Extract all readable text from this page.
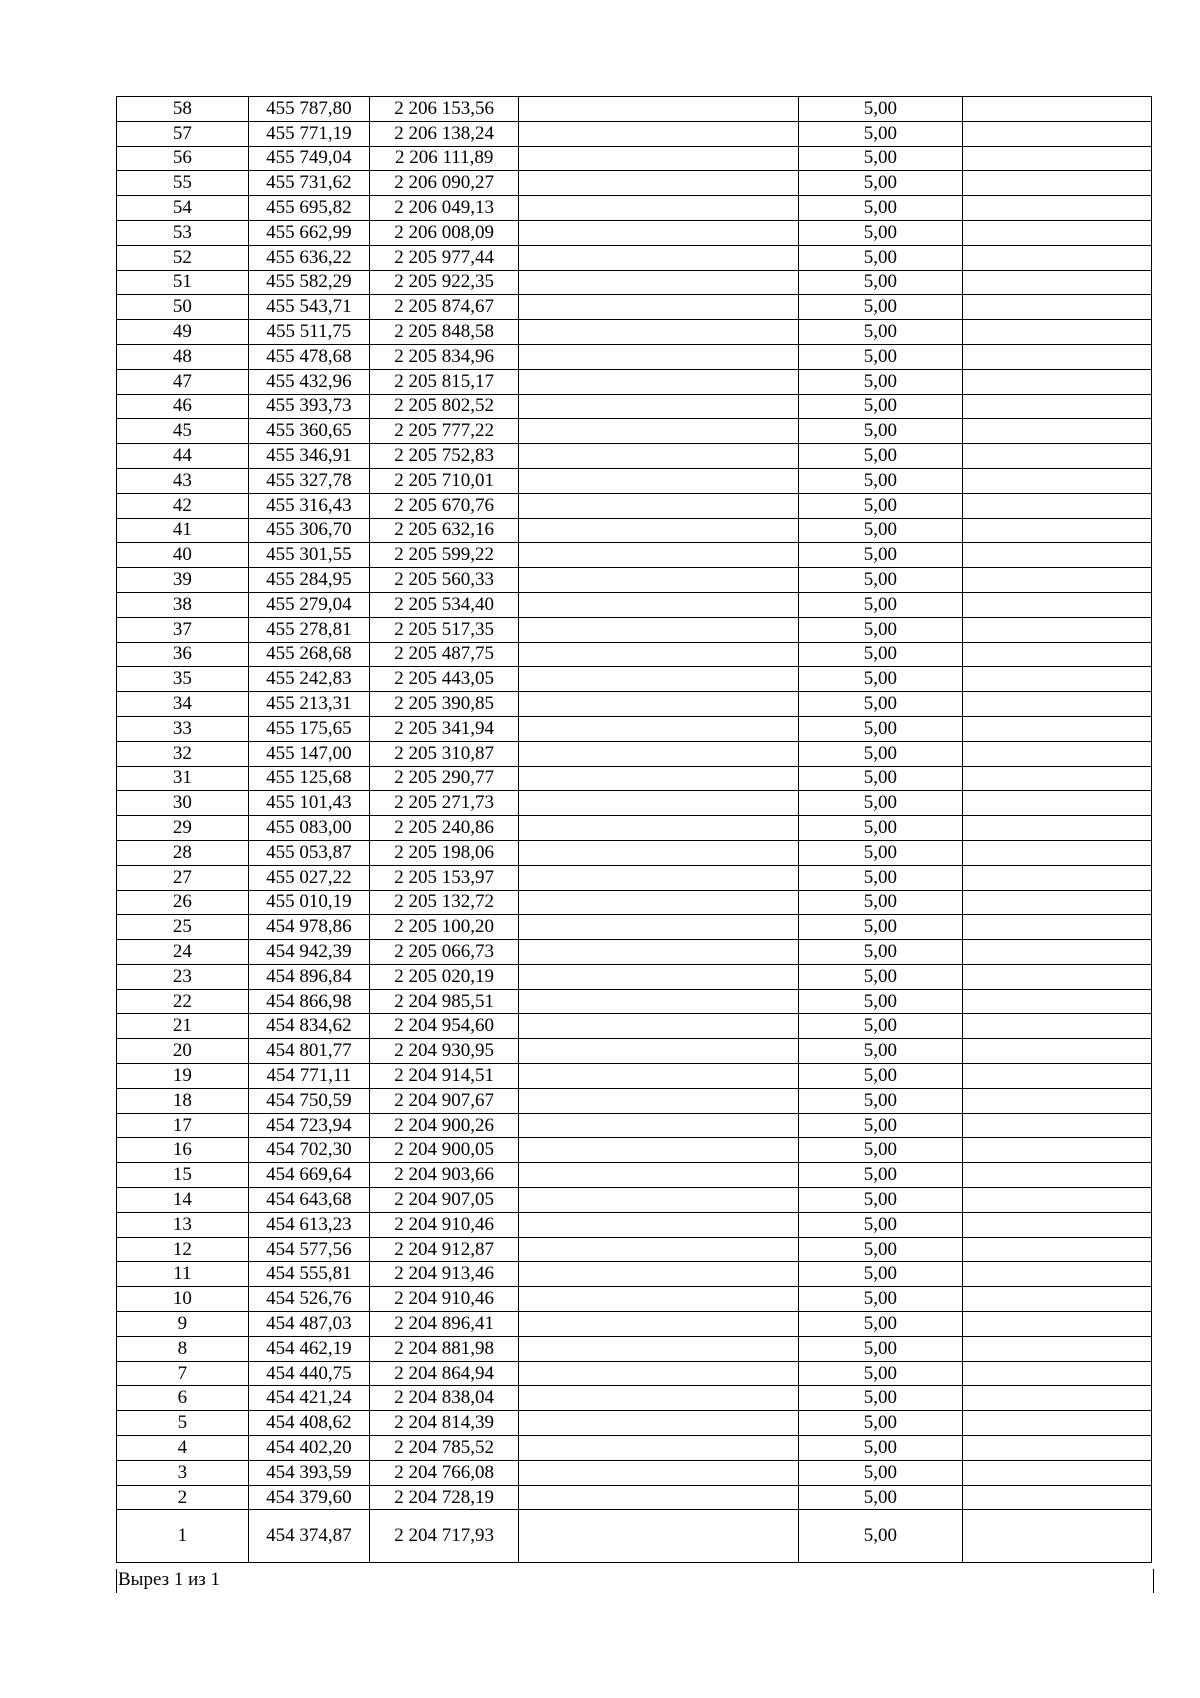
58	455 787,80	2 206 153,56		5,00	
57	455 771,19	2 206 138,24		5,00	
56	455 749,04	2 206 111,89		5,00	
55	455 731,62	2 206 090,27		5,00	
54	455 695,82	2 206 049,13		5,00	
53	455 662,99	2 206 008,09		5,00	
52	455 636,22	2 205 977,44		5,00	
51	455 582,29	2 205 922,35		5,00	
50	455 543,71	2 205 874,67		5,00	
49	455 511,75	2 205 848,58		5,00	
48	455 478,68	2 205 834,96		5,00	
47	455 432,96	2 205 815,17		5,00	
46	455 393,73	2 205 802,52		5,00	
45	455 360,65	2 205 777,22		5,00	
44	455 346,91	2 205 752,83		5,00	
43	455 327,78	2 205 710,01		5,00	
42	455 316,43	2 205 670,76		5,00	
41	455 306,70	2 205 632,16		5,00	
40	455 301,55	2 205 599,22		5,00	
39	455 284,95	2 205 560,33		5,00	
38	455 279,04	2 205 534,40		5,00	
37	455 278,81	2 205 517,35		5,00	
36	455 268,68	2 205 487,75		5,00	
35	455 242,83	2 205 443,05		5,00	
34	455 213,31	2 205 390,85		5,00	
33	455 175,65	2 205 341,94		5,00	
32	455 147,00	2 205 310,87		5,00	
31	455 125,68	2 205 290,77		5,00	
30	455 101,43	2 205 271,73		5,00	
29	455 083,00	2 205 240,86		5,00	
28	455 053,87	2 205 198,06		5,00	
27	455 027,22	2 205 153,97		5,00	
26	455 010,19	2 205 132,72		5,00	
25	454 978,86	2 205 100,20		5,00	
24	454 942,39	2 205 066,73		5,00	
23	454 896,84	2 205 020,19		5,00	
22	454 866,98	2 204 985,51		5,00	
21	454 834,62	2 204 954,60		5,00	
20	454 801,77	2 204 930,95		5,00	
19	454 771,11	2 204 914,51		5,00	
18	454 750,59	2 204 907,67		5,00	
17	454 723,94	2 204 900,26		5,00	
16	454 702,30	2 204 900,05		5,00	
15	454 669,64	2 204 903,66		5,00	
14	454 643,68	2 204 907,05		5,00	
13	454 613,23	2 204 910,46		5,00	
12	454 577,56	2 204 912,87		5,00	
11	454 555,81	2 204 913,46		5,00	
10	454 526,76	2 204 910,46		5,00	
9	454 487,03	2 204 896,41		5,00	
8	454 462,19	2 204 881,98		5,00	
7	454 440,75	2 204 864,94		5,00	
6	454 421,24	2 204 838,04		5,00	
5	454 408,62	2 204 814,39		5,00	
4	454 402,20	2 204 785,52		5,00	
3	454 393,59	2 204 766,08		5,00	
2	454 379,60	2 204 728,19		5,00	
1	454 374,87	2 204 717,93		5,00	
Вырез 1 из 1
